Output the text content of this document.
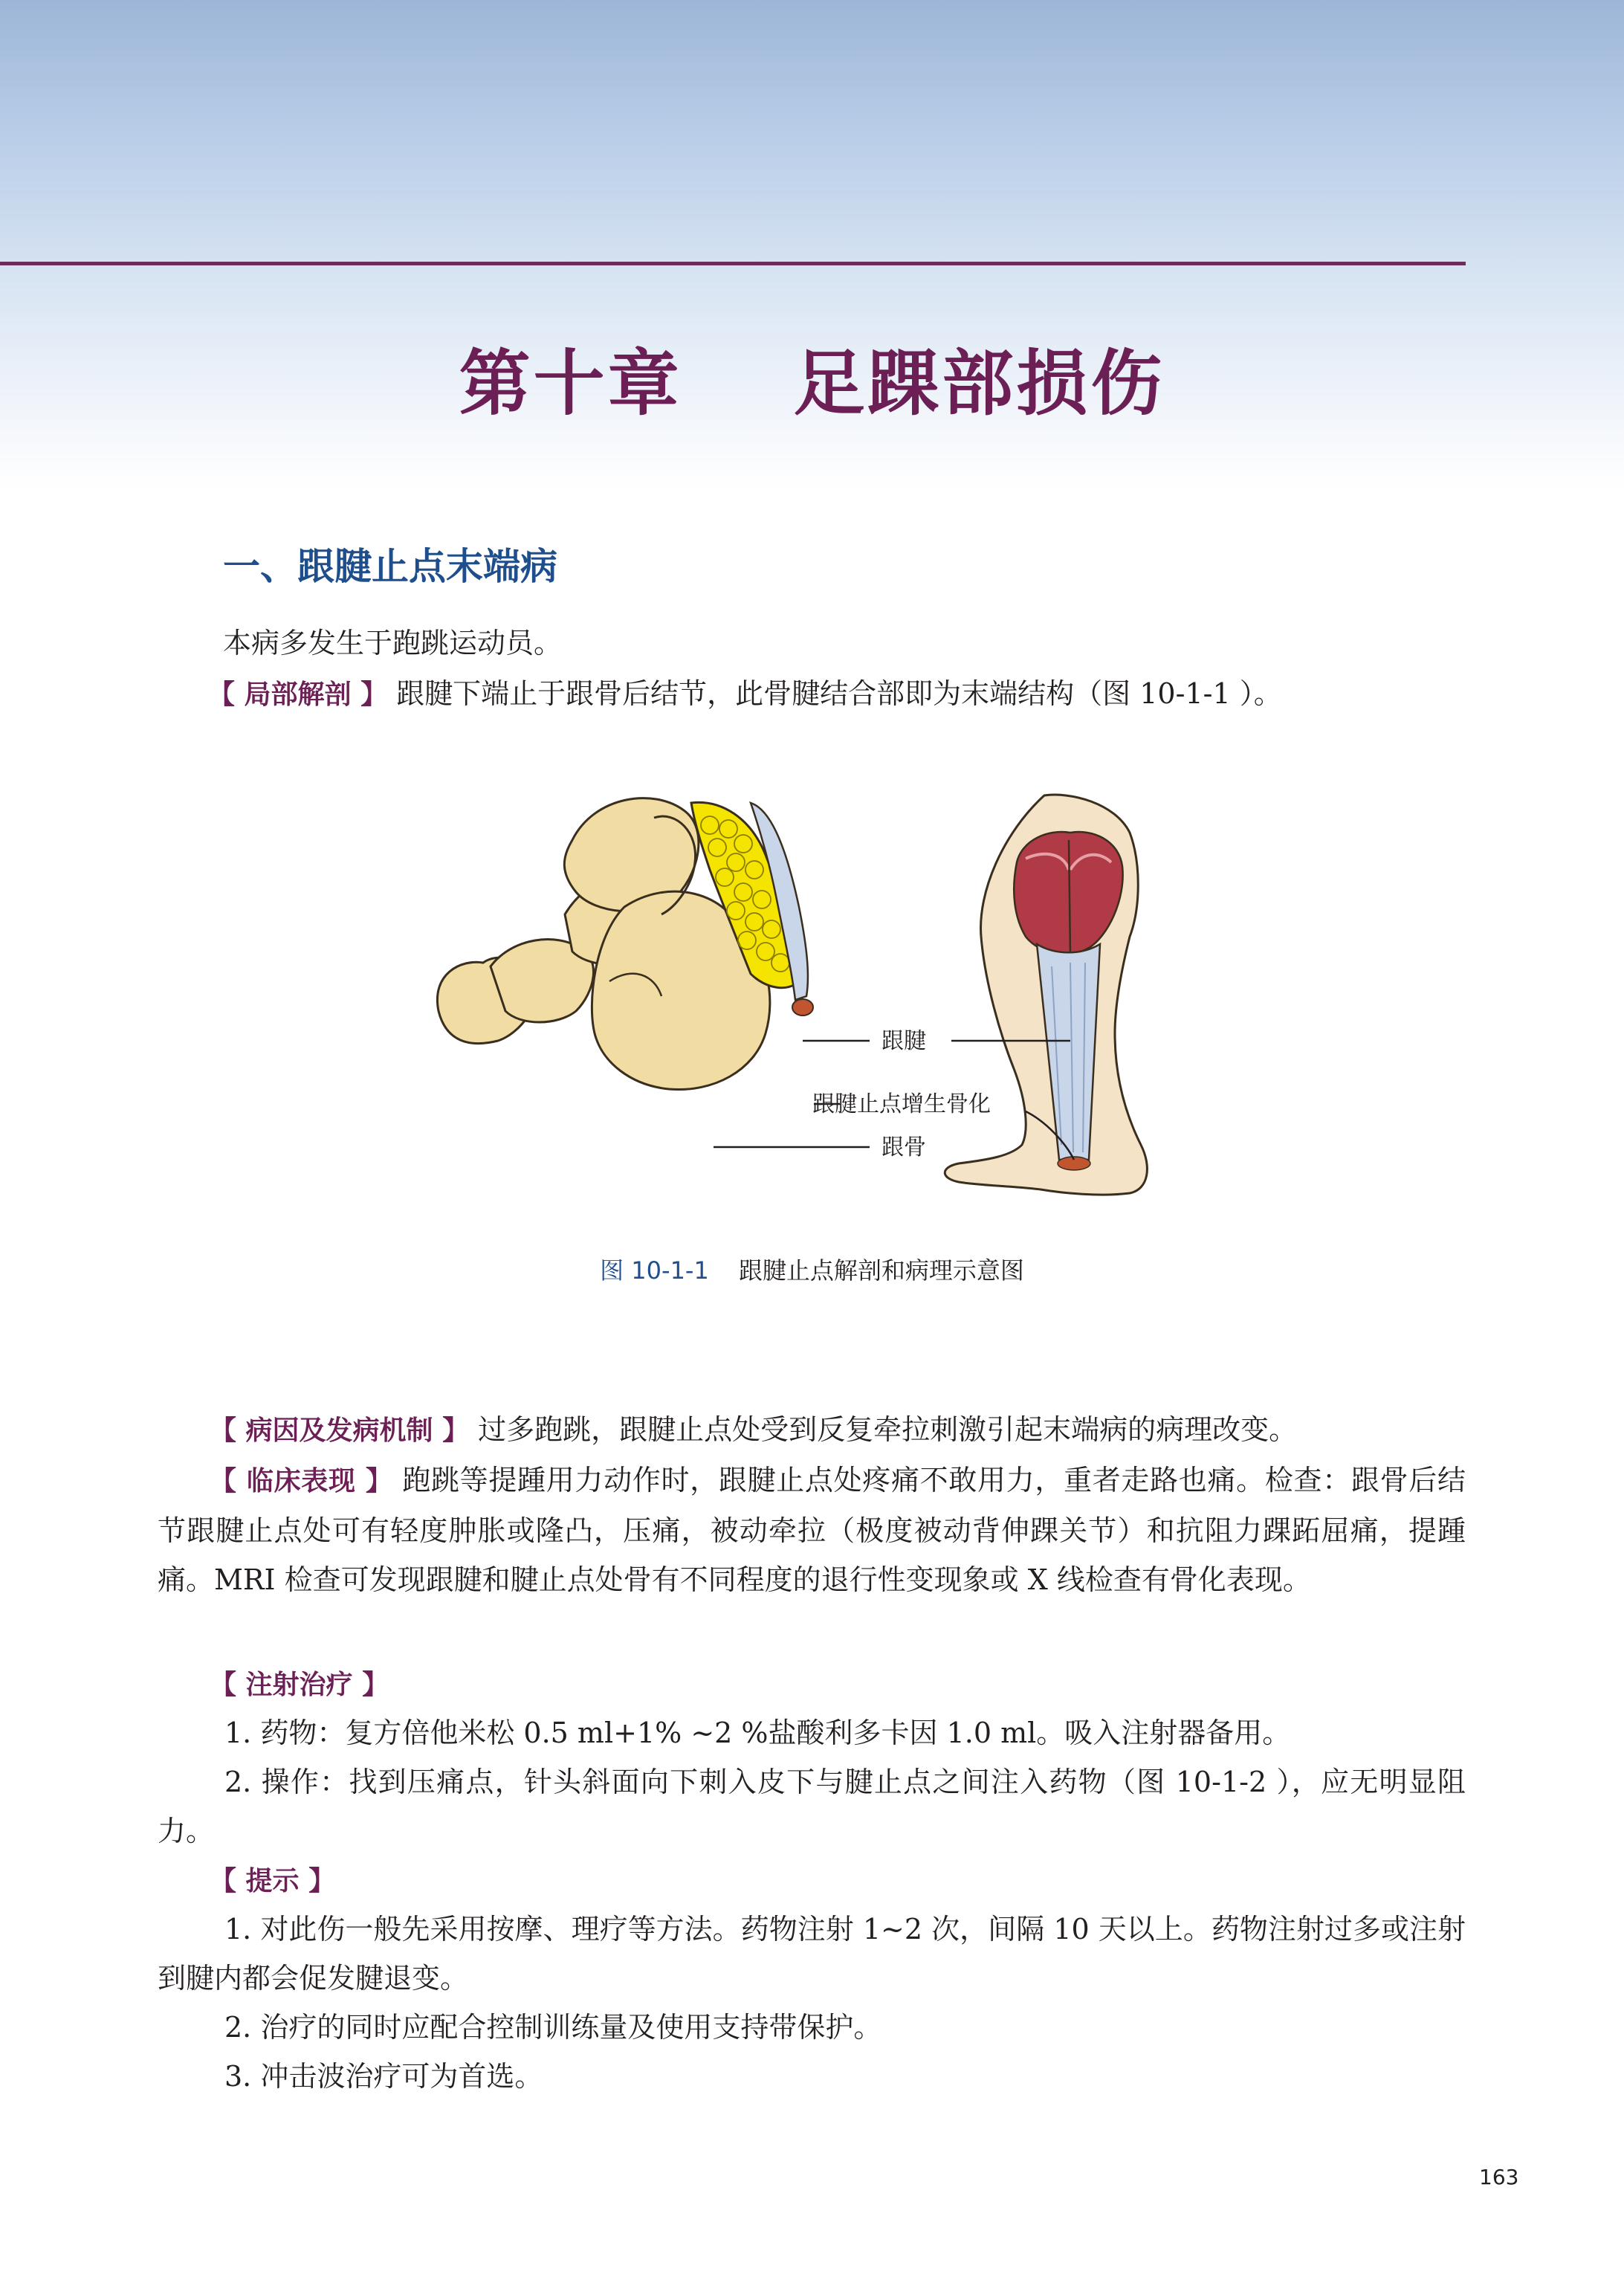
第十章    足踝部损伤
一、跟腱止点末端病
本病多发生于跑跳运动员。
【 局部解剖 】 跟腱下端止于跟骨后结节，此骨腱结合部即为末端结构（图 10-1-1 ）。
跟腱
跟腱止点增生骨化
跟骨
图 10-1-1 跟腱止点解剖和病理示意图
【 病因及发病机制 】 过多跑跳，跟腱止点处受到反复牵拉刺激引起末端病的病理改变。
【 临床表现 】 跑跳等提踵用力动作时，跟腱止点处疼痛不敢用力，重者走路也痛。检查：跟骨后结节跟腱止点处可有轻度肿胀或隆凸，压痛，被动牵拉（极度被动背伸踝关节）和抗阻力踝跖屈痛，提踵痛。MRI 检查可发现跟腱和腱止点处骨有不同程度的退行性变现象或 X 线检查有骨化表现。
【 注射治疗 】
1. 药物：复方倍他米松 0.5 ml+1% ~2 %盐酸利多卡因 1.0 ml。吸入注射器备用。
2. 操作：找到压痛点，针头斜面向下刺入皮下与腱止点之间注入药物（图 10-1-2 ），应无明显阻力。
【 提示 】
1. 对此伤一般先采用按摩、理疗等方法。药物注射 1~2 次，间隔 10 天以上。药物注射过多或注射到腱内都会促发腱退变。
2. 治疗的同时应配合控制训练量及使用支持带保护。
3. 冲击波治疗可为首选。
163
